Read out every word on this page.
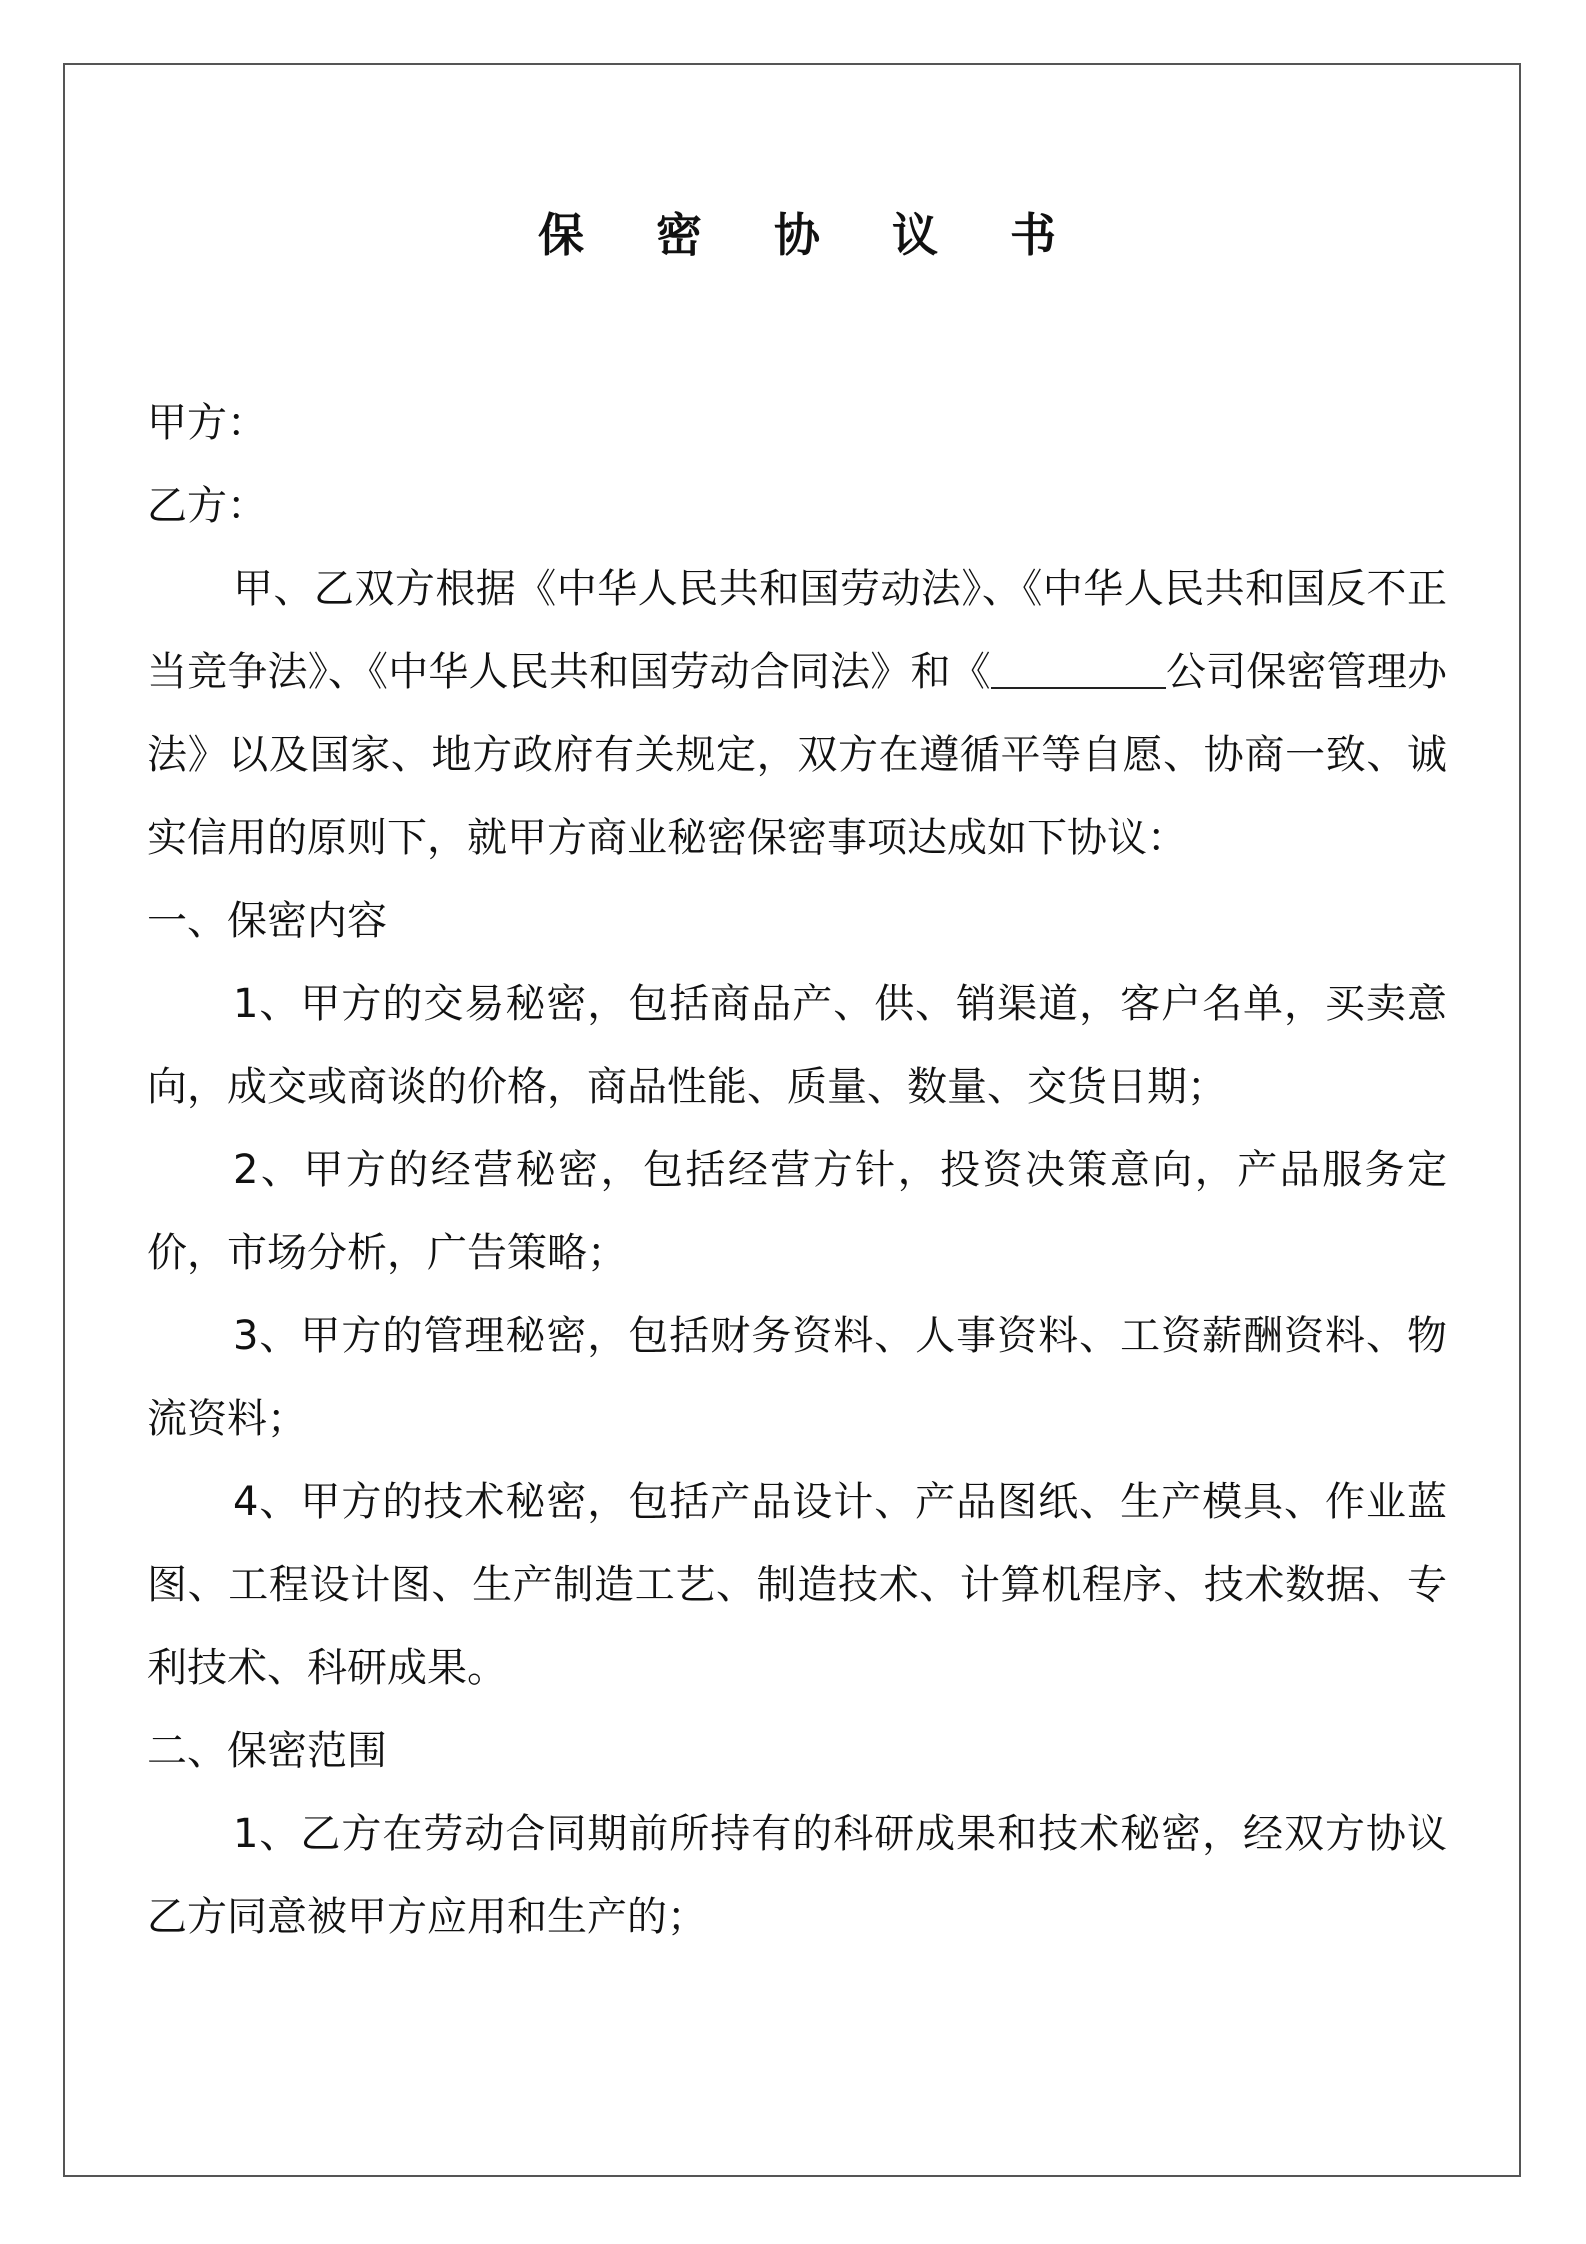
保 密 协 议 书

甲方：

乙方：

甲、乙双方根据《中华人民共和国劳动法》、《中华人民共和国反不正当竞争法》、《中华人民共和国劳动合同法》和《	公司保密管理办法》以及国家、地方政府有关规定，双方在遵循平等自愿、协商一致、诚实信用的原则下，就甲方商业秘密保密事项达成如下协议：

一、保密内容

1、甲方的交易秘密，包括商品产、供、销渠道，客户名单，买卖意向，成交或商谈的价格，商品性能、质量、数量、交货日期；

2、甲方的经营秘密，包括经营方针，投资决策意向，产品服务定价，市场分析，广告策略；

3、甲方的管理秘密，包括财务资料、人事资料、工资薪酬资料、物流资料；

4、甲方的技术秘密，包括产品设计、产品图纸、生产模具、作业蓝图、工程设计图、生产制造工艺、制造技术、计算机程序、技术数据、专利技术、科研成果。

二、保密范围

1、乙方在劳动合同期前所持有的科研成果和技术秘密，经双方协议乙方同意被甲方应用和生产的；
